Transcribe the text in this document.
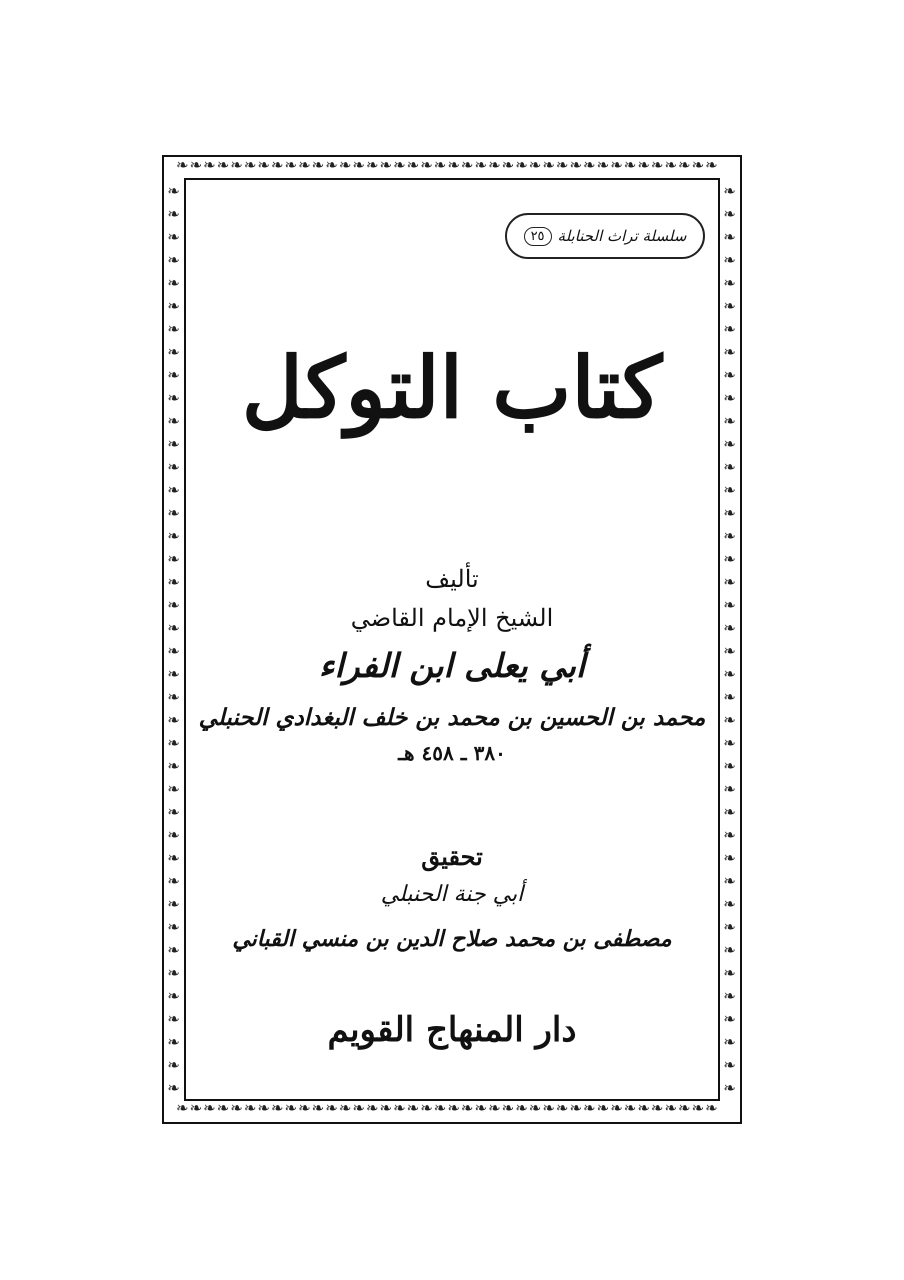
❧❧❧❧❧❧❧❧❧❧❧❧❧❧❧❧❧❧❧❧❧❧❧❧❧❧❧❧❧❧❧❧❧❧❧❧❧❧❧❧
❧❧❧❧❧❧❧❧❧❧❧❧❧❧❧❧❧❧❧❧❧❧❧❧❧❧❧❧❧❧❧❧❧❧❧❧❧❧❧❧
❧❧❧❧❧❧❧❧❧❧❧❧❧❧❧❧❧❧❧❧❧❧❧❧❧❧❧❧❧❧❧❧❧❧❧❧❧❧❧❧
❧❧❧❧❧❧❧❧❧❧❧❧❧❧❧❧❧❧❧❧❧❧❧❧❧❧❧❧❧❧❧❧❧❧❧❧❧❧❧❧
سلسلة تراث الحنابلة
٢٥
كتاب التوكل
تأليف
الشيخ الإمام القاضي
أبي يعلى ابن الفراء
محمد بن الحسين بن محمد بن خلف البغدادي الحنبلي
٣٨٠ ـ ٤٥٨ هـ
تحقيق
أبي جنة الحنبلي
مصطفى بن محمد صلاح الدين بن منسي القباني
دار المنهاج القويم
